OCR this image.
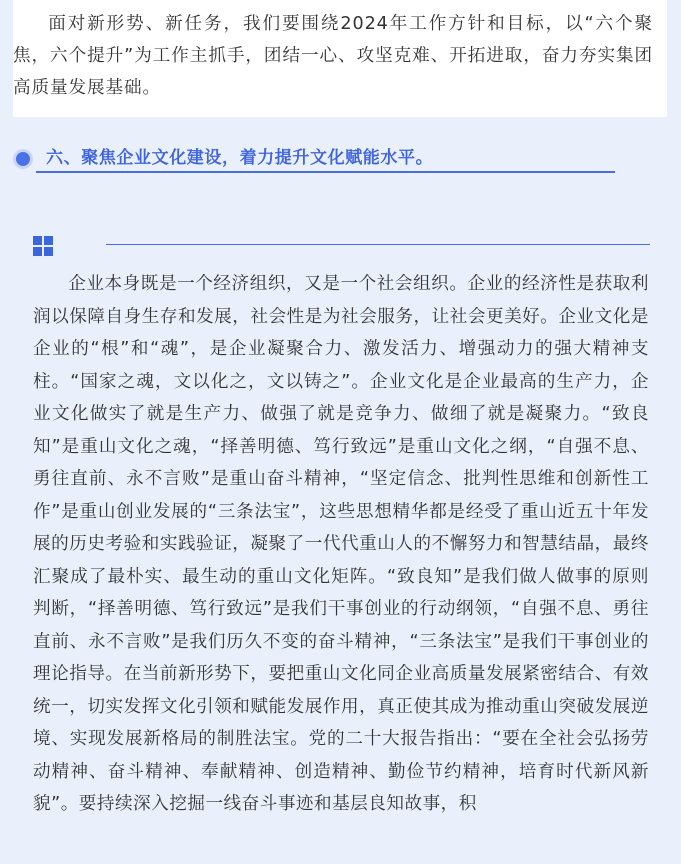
面对新形势、新任务，我们要围绕2024年工作方针和目标，以“六个聚焦，六个提升”为工作主抓手，团结一心、攻坚克难、开拓进取，奋力夯实集团高质量发展基础。

六、聚焦企业文化建设，着力提升文化赋能水平。

企业本身既是一个经济组织，又是一个社会组织。企业的经济性是获取利润以保障自身生存和发展，社会性是为社会服务，让社会更美好。企业文化是企业的“根”和“魂”，是企业凝聚合力、激发活力、增强动力的强大精神支柱。“国家之魂，文以化之，文以铸之”。企业文化是企业最高的生产力，企业文化做实了就是生产力、做强了就是竞争力、做细了就是凝聚力。“致良知”是重山文化之魂，“择善明德、笃行致远”是重山文化之纲，“自强不息、勇往直前、永不言败”是重山奋斗精神，“坚定信念、批判性思维和创新性工作”是重山创业发展的“三条法宝”，这些思想精华都是经受了重山近五十年发展的历史考验和实践验证，凝聚了一代代重山人的不懈努力和智慧结晶，最终汇聚成了最朴实、最生动的重山文化矩阵。“致良知”是我们做人做事的原则判断，“择善明德、笃行致远”是我们干事创业的行动纲领，“自强不息、勇往直前、永不言败”是我们历久不变的奋斗精神，“三条法宝”是我们干事创业的理论指导。在当前新形势下，要把重山文化同企业高质量发展紧密结合、有效统一，切实发挥文化引领和赋能发展作用，真正使其成为推动重山突破发展逆境、实现发展新格局的制胜法宝。党的二十大报告指出：“要在全社会弘扬劳动精神、奋斗精神、奉献精神、创造精神、勤俭节约精神，培育时代新风新貌”。要持续深入挖掘一线奋斗事迹和基层良知故事，积
